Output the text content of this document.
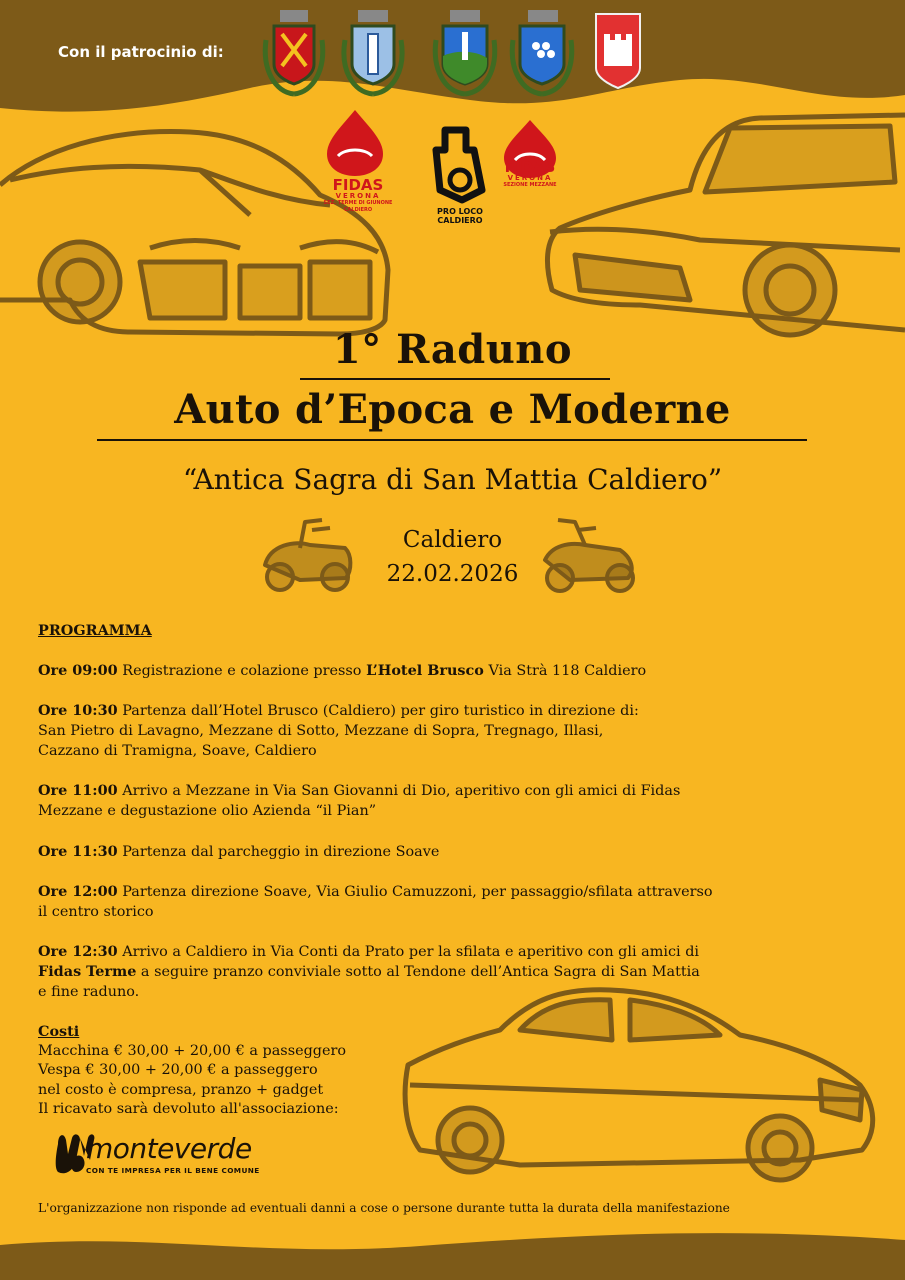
Con il patrocinio di:
FIDAS
VERONA
SEZ. TERME DI GIUNONE
CALDIERO	PRO LOCO
CALDIERO
FIDAS
VERONA
SEZIONE MEZZANE
1° Raduno
Auto d’Epoca e Moderne
“Antica Sagra di San Mattia Caldiero”
Caldiero
22.02.2026
PROGRAMMA
Ore 09:00 Registrazione e colazione presso L’Hotel Brusco Via Strà 118 Caldiero
Ore 10:30 Partenza dall’Hotel Brusco (Caldiero) per giro turistico in direzione di:
San Pietro di Lavagno, Mezzane di Sotto, Mezzane di Sopra, Tregnago, Illasi,
Cazzano di Tramigna, Soave, Caldiero
Ore 11:00 Arrivo a Mezzane in Via San Giovanni di Dio, aperitivo con gli amici di Fidas
Mezzane e degustazione olio Azienda “il Pian”
Ore 11:30 Partenza dal parcheggio in direzione Soave
Ore 12:00 Partenza direzione Soave, Via Giulio Camuzzoni, per passaggio/sfilata attraverso
il centro storico
Ore 12:30 Arrivo a Caldiero in Via Conti da Prato per la sfilata e aperitivo con gli amici di
Fidas Terme a seguire pranzo conviviale sotto al Tendone dell’Antica Sagra di San Mattia
e fine raduno.
Costi
Macchina € 30,00 + 20,00 € a passeggero
Vespa € 30,00 + 20,00 € a passeggero
nel costo è compresa, pranzo + gadget
Il ricavato sarà devoluto all'associazione:
monteverde
CON TE IMPRESA PER IL BENE COMUNE
L'organizzazione non risponde ad eventuali danni a cose o persone durante tutta la durata della manifestazione
